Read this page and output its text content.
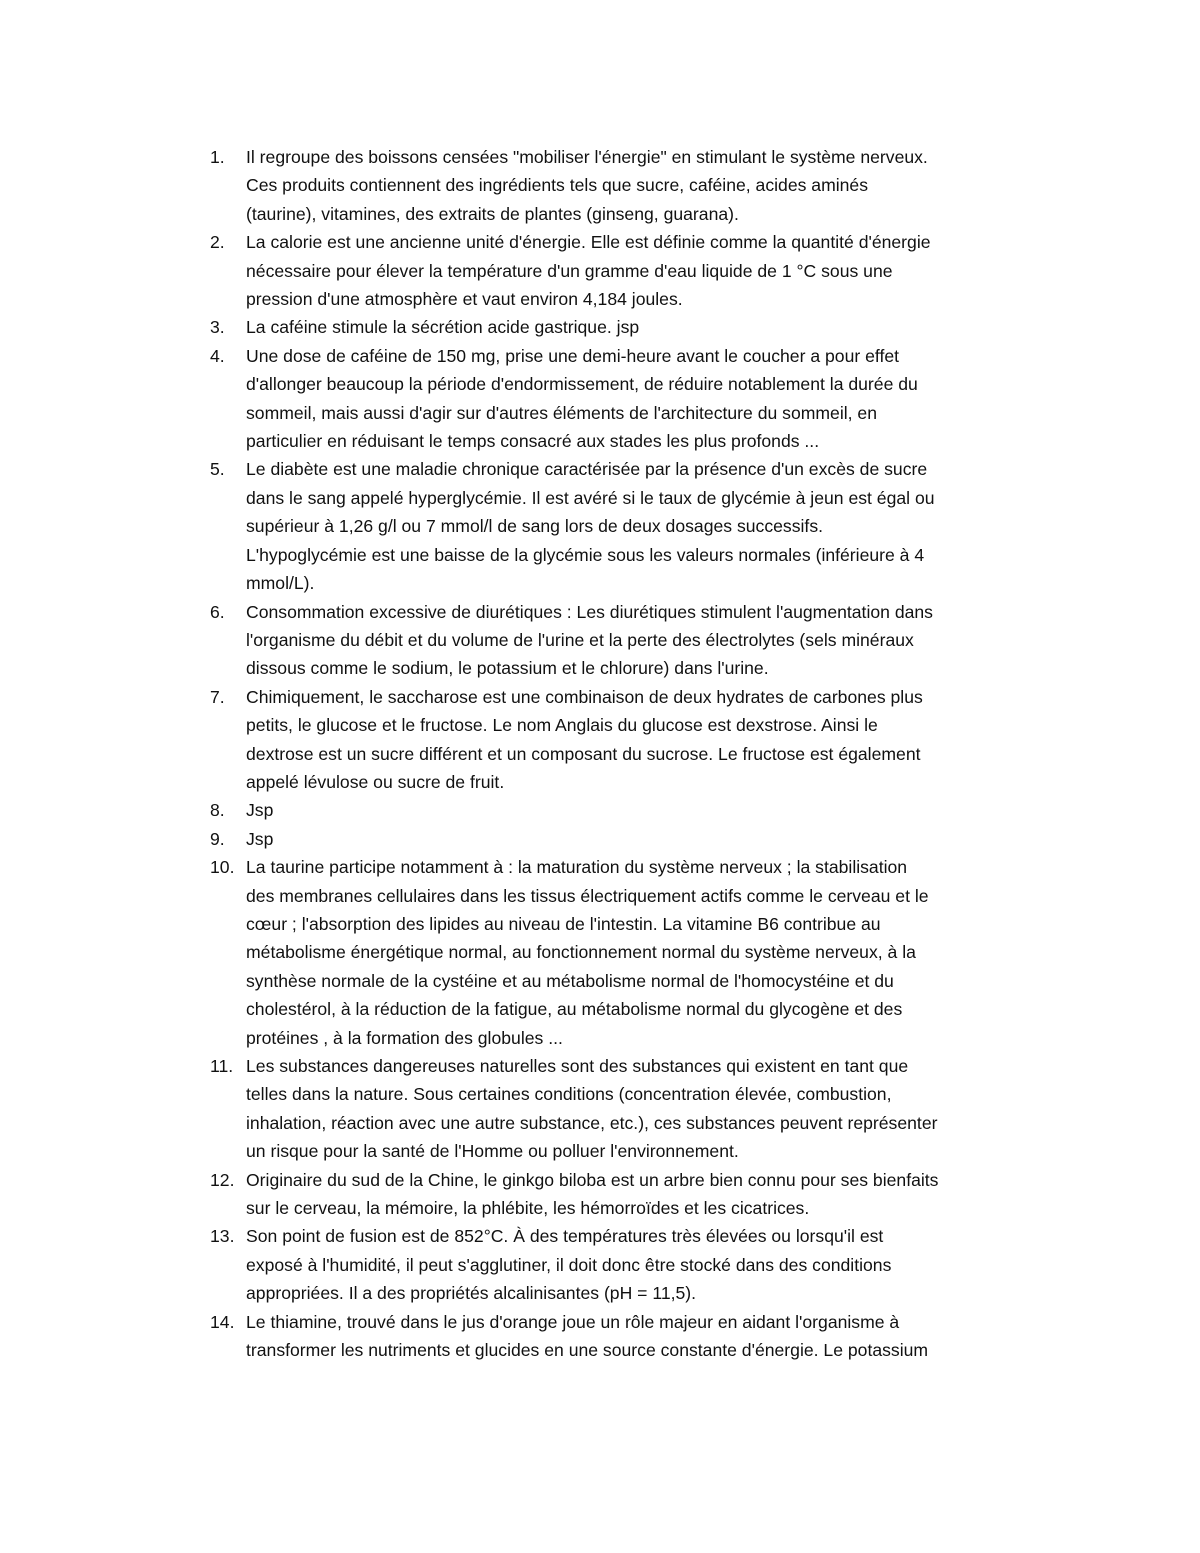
1.	Il regroupe des boissons censées "mobiliser l'énergie" en stimulant le système nerveux.
Ces produits contiennent des ingrédients tels que sucre, caféine, acides aminés
(taurine), vitamines, des extraits de plantes (ginseng, guarana).
2.	La calorie est une ancienne unité d'énergie. Elle est définie comme la quantité d'énergie
nécessaire pour élever la température d'un gramme d'eau liquide de 1 °C sous une
pression d'une atmosphère et vaut environ 4,184 joules.
3.	La caféine stimule la sécrétion acide gastrique. jsp
4.	Une dose de caféine de 150 mg, prise une demi-heure avant le coucher a pour effet
d'allonger beaucoup la période d'endormissement, de réduire notablement la durée du
sommeil, mais aussi d'agir sur d'autres éléments de l'architecture du sommeil, en
particulier en réduisant le temps consacré aux stades les plus profonds ...
5.	Le diabète est une maladie chronique caractérisée par la présence d'un excès de sucre
dans le sang appelé hyperglycémie. Il est avéré si le taux de glycémie à jeun est égal ou
supérieur à 1,26 g/l ou 7 mmol/l de sang lors de deux dosages successifs.
L'hypoglycémie est une baisse de la glycémie sous les valeurs normales (inférieure à 4
mmol/L).
6.	Consommation excessive de diurétiques : Les diurétiques stimulent l'augmentation dans
l'organisme du débit et du volume de l'urine et la perte des électrolytes (sels minéraux
dissous comme le sodium, le potassium et le chlorure) dans l'urine.
7.	Chimiquement, le saccharose est une combinaison de deux hydrates de carbones plus
petits, le glucose et le fructose. Le nom Anglais du glucose est dexstrose. Ainsi le
dextrose est un sucre différent et un composant du sucrose. Le fructose est également
appelé lévulose ou sucre de fruit.
8.	Jsp
9.	Jsp
10. La taurine participe notamment à : la maturation du système nerveux ; la stabilisation
des membranes cellulaires dans les tissus électriquement actifs comme le cerveau et le
cœur ; l'absorption des lipides au niveau de l'intestin. La vitamine B6 contribue au
métabolisme énergétique normal, au fonctionnement normal du système nerveux, à la
synthèse normale de la cystéine et au métabolisme normal de l'homocystéine et du
cholestérol, à la réduction de la fatigue, au métabolisme normal du glycogène et des
protéines , à la formation des globules ...
11. Les substances dangereuses naturelles sont des substances qui existent en tant que
telles dans la nature. Sous certaines conditions (concentration élevée, combustion,
inhalation, réaction avec une autre substance, etc.), ces substances peuvent représenter
un risque pour la santé de l'Homme ou polluer l'environnement.
12. Originaire du sud de la Chine, le ginkgo biloba est un arbre bien connu pour ses bienfaits
sur le cerveau, la mémoire, la phlébite, les hémorroïdes et les cicatrices.
13. Son point de fusion est de 852°C. À des températures très élevées ou lorsqu'il est
exposé à l'humidité, il peut s'agglutiner, il doit donc être stocké dans des conditions
appropriées. Il a des propriétés alcalinisantes (pH = 11,5).
14. Le thiamine, trouvé dans le jus d'orange joue un rôle majeur en aidant l'organisme à
transformer les nutriments et glucides en une source constante d'énergie. Le potassium
